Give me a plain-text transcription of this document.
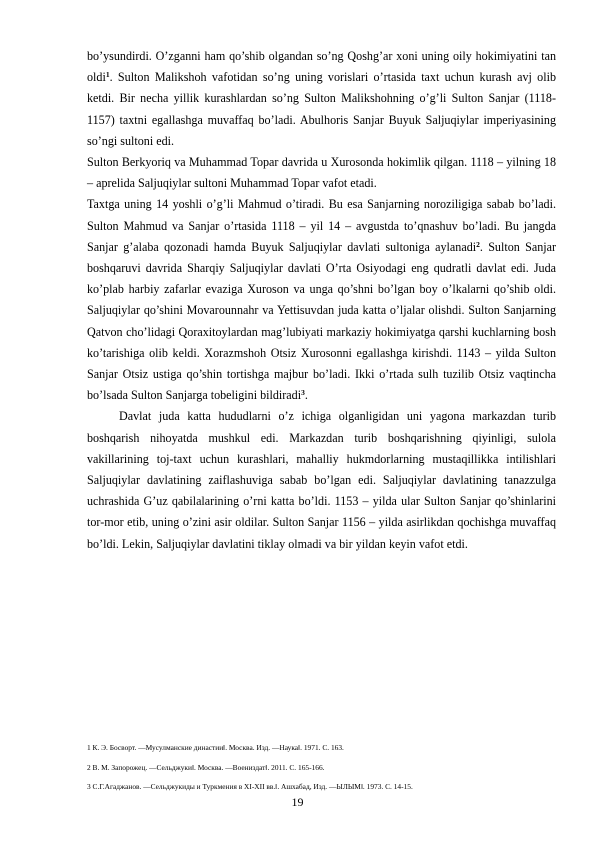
bo’ysundirdi. O’zganni ham qo’shib olgandan so’ng Qoshg’ar xoni uning oily hokimiyatini tan oldi$^1$. Sulton Malikshoh vafotidan so’ng uning vorislari o’rtasida taxt uchun kurash avj olib ketdi. Bir necha yillik kurashlardan so’ng Sulton Malikshohning o’g’li Sulton Sanjar (1118-1157) taxtni egallashga muvaffaq bo’ladi. Abulhoris Sanjar Buyuk Saljuqiylar imperiyasining so’ngi sultoni edi.

Sulton Berkyoriq va Muhammad Topar davrida u Xurosonda hokimlik qilgan. 1118 – yilning 18 – aprelida Saljuqiylar sultoni Muhammad Topar vafot etadi.

Taxtga uning 14 yoshli o’g’li Mahmud o’tiradi. Bu esa Sanjarning noroziligiga sabab bo’ladi. Sulton Mahmud va Sanjar o’rtasida 1118 – yil 14 – avgustda to’qnashuv bo’ladi. Bu jangda Sanjar g’alaba qozonadi hamda Buyuk Saljuqiylar davlati sultoniga aylanadi$^2$. Sulton Sanjar boshqaruvi davrida Sharqiy Saljuqiylar davlati O’rta Osiyodagi eng qudratli davlat edi. Juda ko’plab harbiy zafarlar evaziga Xuroson va unga qo’shni bo’lgan boy o’lkalarni qo’shib oldi. Saljuqiylar qo’shini Movarounnahr va Yettisuvdan juda katta o’ljalar olishdi. Sulton Sanjarning Qatvon cho’lidagi Qoraxitoylardan mag’lubiyati markaziy hokimiyatga qarshi kuchlarning bosh ko’tarishiga olib keldi. Xorazmshoh Otsiz Xurosonni egallashga kirishdi. 1143 – yilda Sulton Sanjar Otsiz ustiga qo’shin tortishga majbur bo’ladi. Ikki o’rtada sulh tuzilib Otsiz vaqtincha bo’lsada Sulton Sanjarga tobeligini bildiradi$^3$.

Davlat juda katta hududlarni o’z ichiga olganligidan uni yagona markazdan turib boshqarish nihoyatda mushkul edi. Markazdan turib boshqarishning qiyinligi, sulola vakillarining toj-taxt uchun kurashlari, mahalliy hukmdorlarning mustaqillikka intilishlari Saljuqiylar davlatining zaiflashuviga sabab bo’lgan edi. Saljuqiylar davlatining tanazzulga uchrashida G’uz qabilalarining o’rni katta bo’ldi. 1153 – yilda ular Sulton Sanjar qo’shinlarini tor-mor etib, uning o’zini asir oldilar. Sulton Sanjar 1156 – yilda asirlikdan qochishga muvaffaq bo’ldi. Lekin, Saljuqiylar davlatini tiklay olmadi va bir yildan keyin vafot etdi.

1 К. Э. Босворт. ―Мусулманские династии‖. Москва. Изд. ―Наука‖. 1971. С. 163.
2 В. М. Запорожец. ―Сельджуки‖. Москва. ―Воениздат‖. 2011. С. 165-166.
3 С.Г.Агаджанов. ―Сельджукиды и Туркмения в XI-XII вв.‖. Ашхабад, Изд. ―ЫЛЫМ‖. 1973. С. 14-15.
19
